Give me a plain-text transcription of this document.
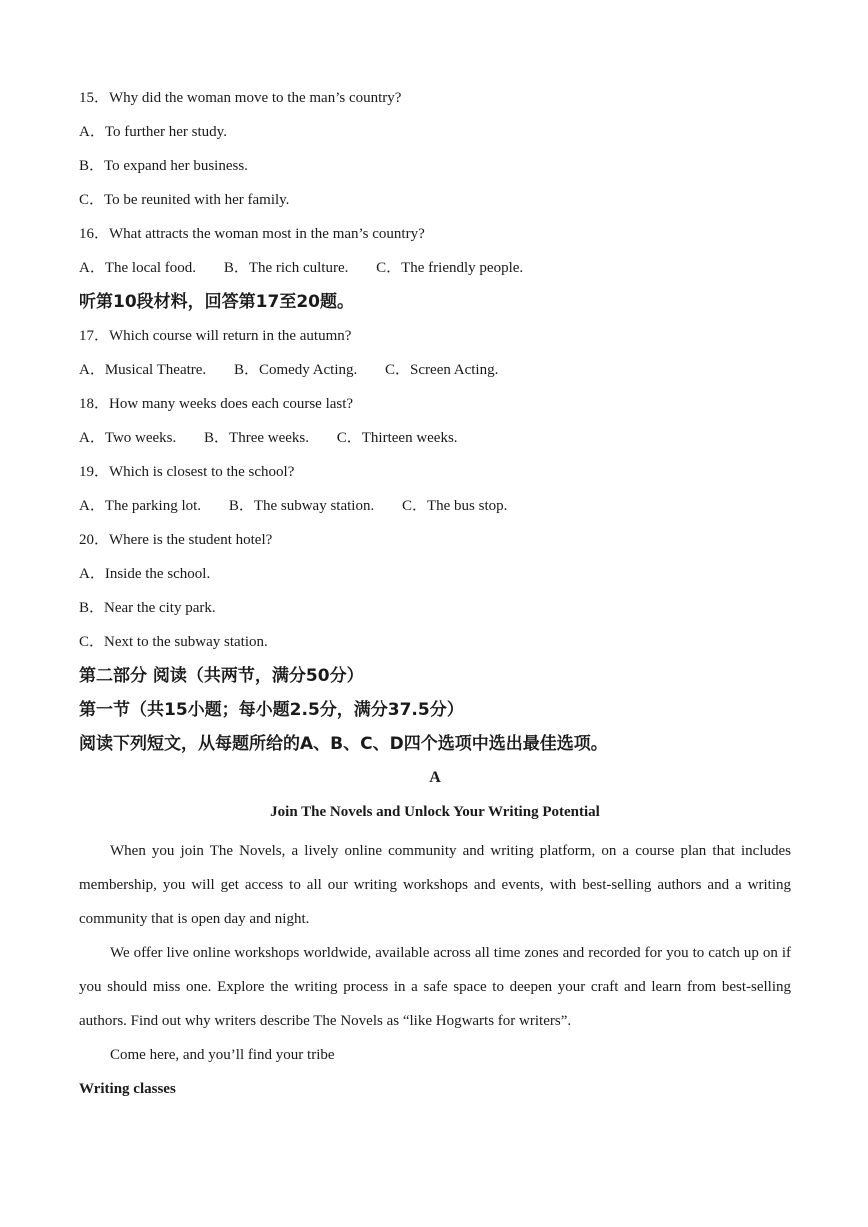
15．Why did the woman move to the man’s country?
A．To further her study.
B．To expand her business.
C．To be reunited with her family.
16．What attracts the woman most in the man’s country?
A．The local food. B．The rich culture. C．The friendly people.
听第10段材料，回答第17至20题。
17．Which course will return in the autumn?
A．Musical Theatre. B．Comedy Acting. C．Screen Acting.
18．How many weeks does each course last?
A．Two weeks. B．Three weeks. C．Thirteen weeks.
19．Which is closest to the school?
A．The parking lot. B．The subway station. C．The bus stop.
20．Where is the student hotel?
A．Inside the school.
B．Near the city park.
C．Next to the subway station.
第二部分 阅读（共两节，满分50分）
第一节（共15小题；每小题2.5分，满分37.5分）
阅读下列短文，从每题所给的A、B、C、D四个选项中选出最佳选项。
A
Join The Novels and Unlock Your Writing Potential

When you join The Novels, a lively online community and writing platform, on a course plan that includes membership, you will get access to all our writing workshops and events, with best-selling authors and a writing community that is open day and night.

We offer live online workshops worldwide, available across all time zones and recorded for you to catch up on if you should miss one. Explore the writing process in a safe space to deepen your craft and learn from best-selling authors. Find out why writers describe The Novels as “like Hogwarts for writers”.

Come here, and you’ll find your tribe

Writing classes
